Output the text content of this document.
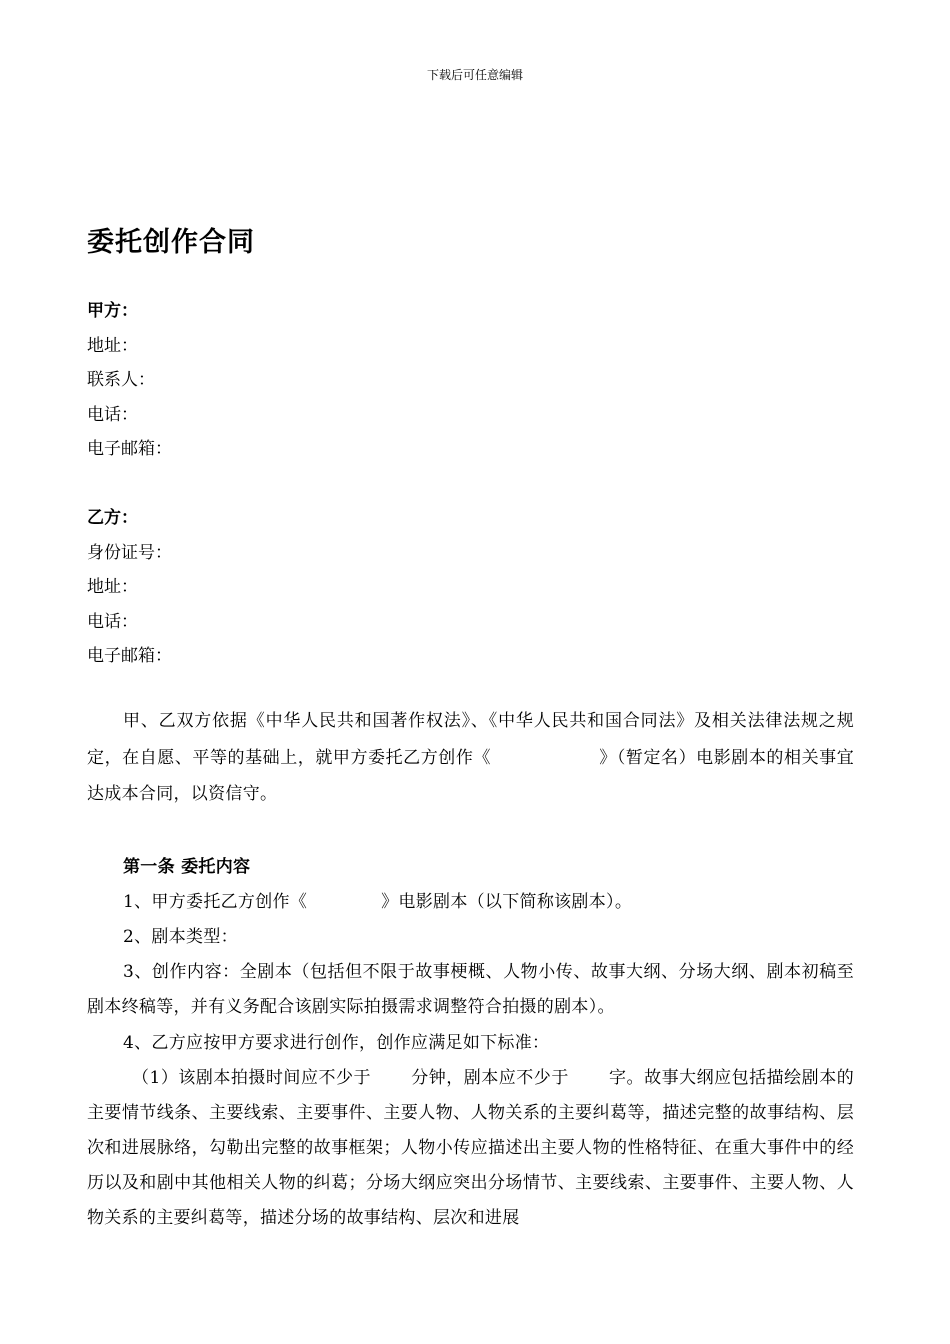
下载后可任意编辑
委托创作合同
甲方：
地址：
联系人：
电话：
电子邮箱：
乙方：
身份证号：
地址：
电话：
电子邮箱：
甲、乙双方依据《中华人民共和国著作权法》、《中华人民共和国合同法》及相关法律法规之规定，在自愿、平等的基础上，就甲方委托乙方创作《	》（暂定名）电影剧本的相关事宜达成本合同，以资信守。
第一条 委托内容
1、甲方委托乙方创作《	》电影剧本（以下简称该剧本）。
2、剧本类型：
3、创作内容：全剧本（包括但不限于故事梗概、人物小传、故事大纲、分场大纲、剧本初稿至剧本终稿等，并有义务配合该剧实际拍摄需求调整符合拍摄的剧本）。
4、乙方应按甲方要求进行创作，创作应满足如下标准：
（1）该剧本拍摄时间应不少于 分钟，剧本应不少于 字。故事大纲应包括描绘剧本的主要情节线条、主要线索、主要事件、主要人物、人物关系的主要纠葛等，描述完整的故事结构、层次和进展脉络，勾勒出完整的故事框架；人物小传应描述出主要人物的性格特征、在重大事件中的经历以及和剧中其他相关人物的纠葛；分场大纲应突出分场情节、主要线索、主要事件、主要人物、人物关系的主要纠葛等，描述分场的故事结构、层次和进展
